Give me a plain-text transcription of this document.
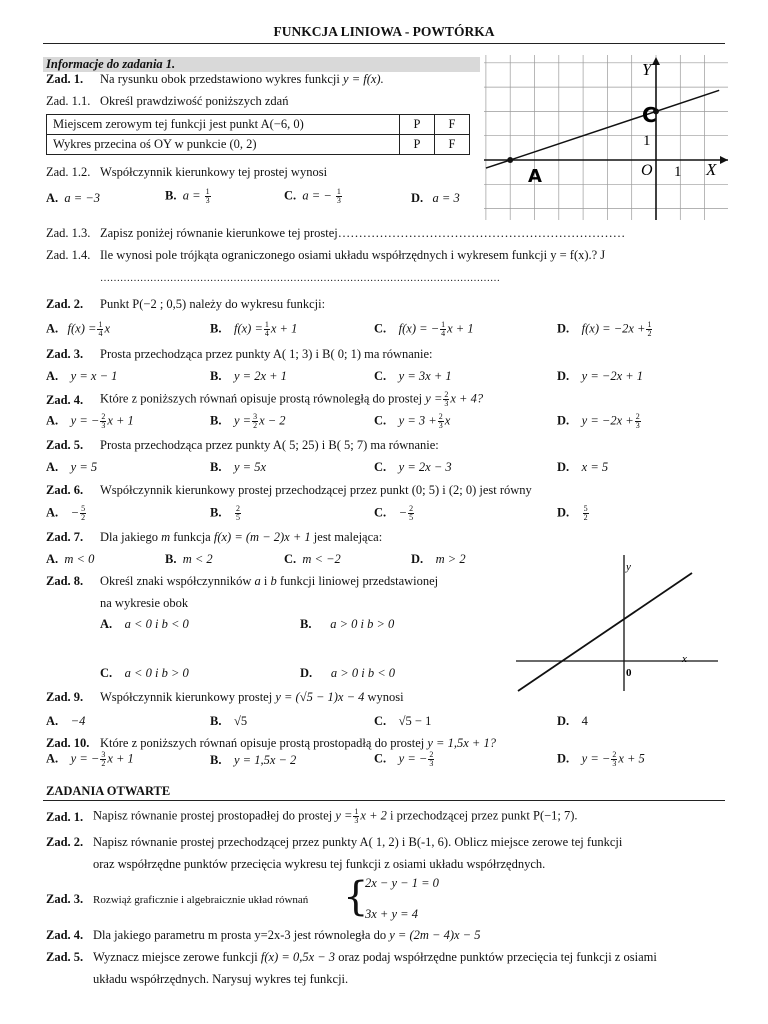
FUNKCJA LINIOWA - POWTÓRKA
Informacje do zadania 1.
Zad. 1. Na rysunku obok przedstawiono wykres funkcji y = f(x).
Zad. 1.1. Określ prawdziwość poniższych zdań
Miejscem zerowym tej funkcji jest punkt A(−6, 0)	P	F
Wykres przecina oś OY w punkcie (0, 2)	P	F
Zad. 1.2. Współczynnik kierunkowy tej prostej wynosi
A. a = −3	B. $a = \frac{1}{3}$	C. a = − $\frac{1}{3}$	D. a = 3
Zad. 1.3. Zapisz poniżej równanie kierunkowe tej prostej……………………………………………………………
Zad. 1.4. Ile wynosi pole trójkąta ograniczonego osiami układu współrzędnych i wykresem funkcji y = f(x).? J
…………………………………………………………………………………………………………
Y
X
O 1
1
C
A
Zad. 2. Punkt P(−2 ; 0,5) należy do wykresu funkcji:
A. $f(x) = \frac{1}{4}$ x	B. $f(x) = \frac{1}{4}$ x + 1	C. f(x) = − $\frac{1}{4}$ x + 1	D. $f(x) = -2x + \frac{1}{2}$
Zad. 3. Prosta przechodząca przez punkty A( 1; 3) i B( 0; 1) ma równanie:
A. y = x − 1	B. y = 2x + 1	C. y = 3x + 1	D. y = −2x + 1
Zad. 4. Które z poniższych równań opisuje prostą równoległą do prostej $y = \frac{2}{3}$ x + 4?
A. y = − $\frac{2}{3}$ x + 1	B. $y = \frac{3}{2}$ x − 2	C. $y = 3 + \frac{2}{3}$ x	D. $y = -2x + \frac{2}{3}$
Zad. 5. Prosta przechodząca przez punkty A( 5; 25) i B( 5; 7) ma równanie:
A. y = 5	B. y = 5x	C. y = 2x − 3	D. x = 5
Zad. 6. Współczynnik kierunkowy prostej przechodzącej przez punkt (0; 5) i (2; 0) jest równy
A. − $\frac{5}{2}$	B. $\frac{2}{5}$	C. − $\frac{2}{5}$	D. $\frac{5}{2}$
Zad. 7. Dla jakiego m funkcja f(x) = (m − 2)x + 1 jest malejąca:
A. m < 0	B. m < 2	C. m < −2	D. m > 2
Zad. 8. Określ znaki współczynników a i b funkcji liniowej przedstawionej
na wykresie obok
A. a < 0 i b < 0	B. a > 0 i b > 0
C. a < 0 i b > 0	D. a > 0 i b < 0
y
x
0
Zad. 9. Współczynnik kierunkowy prostej y = (√5 − 1)x − 4 wynosi
A. −4	B. √5	C. √5 − 1	D. 4
Zad. 10. Które z poniższych równań opisuje prostą prostopadłą do prostej y = 1,5x + 1?
A. y = − $\frac{3}{2}$ x + 1	B. y = 1,5x − 2	C. y = − $\frac{2}{3}$	D. y = − $\frac{2}{3}$ x + 5
ZADANIA OTWARTE
Zad. 1. Napisz równanie prostej prostopadłej do prostej $y = \frac{1}{3}$ x + 2 i przechodzącej przez punkt P(−1; 7).
Zad. 2. Napisz równanie prostej przechodzącej przez punkty A( 1, 2) i B(-1, 6). Oblicz miejsce zerowe tej funkcji
oraz współrzędne punktów przecięcia wykresu tej funkcji z osiami układu współrzędnych.
Zad. 3. Rozwiąż graficznie i algebraicznie układ równań {
2x − y − 1 = 0
3x + y = 4
Zad. 4. Dla jakiego parametru m prosta y=2x-3 jest równoległa do y = (2m − 4)x − 5
Zad. 5. Wyznacz miejsce zerowe funkcji f(x) = 0,5x − 3 oraz podaj współrzędne punktów przecięcia tej funkcji z osiami
układu współrzędnych. Narysuj wykres tej funkcji.
